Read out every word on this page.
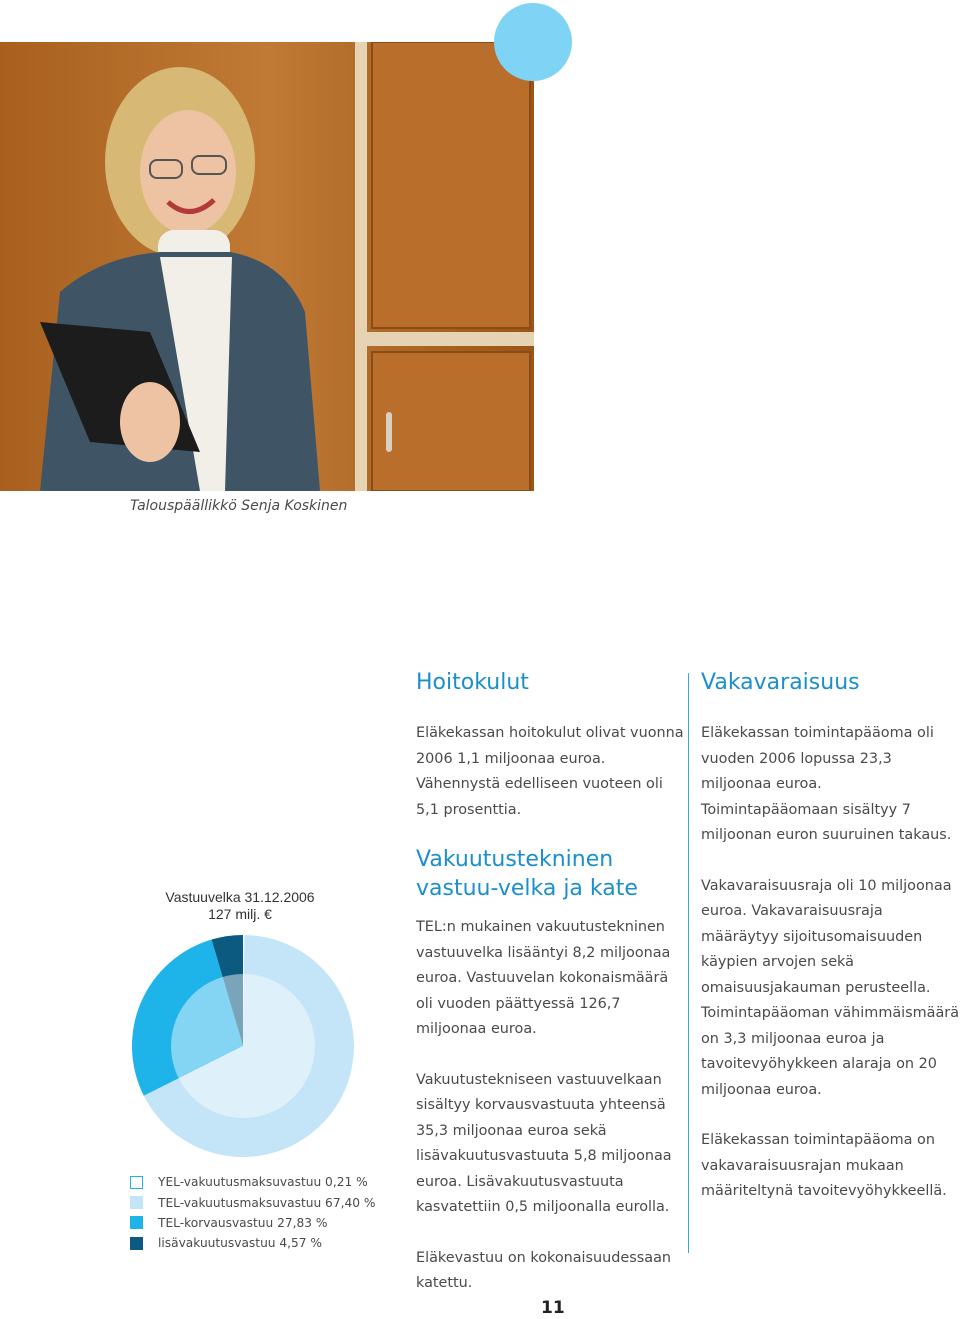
Talouspäällikkö Senja Koskinen
Vastuuvelka 31.12.2006
127 milj. €
YEL-vakuutusmaksuvastuu 0,21 %
TEL-vakuutusmaksuvastuu 67,40 %
TEL-korvausvastuu 27,83 %
lisävakuutusvastuu 4,57 %
Hoitokulut

Eläkekassan hoitokulut olivat vuonna 2006 1,1 miljoonaa euroa. Vähennystä edelliseen vuoteen oli 5,1 prosenttia.

Vakuutustekninen vastuu-velka ja kate

TEL:n mukainen vakuutustekninen vastuuvelka lisääntyi 8,2 miljoonaa euroa. Vastuuvelan kokonaismäärä oli vuoden päättyessä 126,7 miljoonaa euroa.

Vakuutustekniseen vastuuvelkaan sisältyy korvausvastuuta yhteensä 35,3 miljoonaa euroa sekä lisävakuutusvastuuta 5,8 miljoonaa euroa. Lisävakuutusvastuuta kasvatettiin 0,5 miljoonalla eurolla.

Eläkevastuu on kokonaisuudessaan katettu.

Vakavaraisuus

Eläkekassan toimintapääoma oli vuoden 2006 lopussa 23,3 miljoonaa euroa. Toimintapääomaan sisältyy 7 miljoonan euron suuruinen takaus.

Vakavaraisuusraja oli 10 miljoonaa euroa. Vakavaraisuusraja määräytyy sijoitusomaisuuden käypien arvojen sekä omaisuusjakauman perusteella. Toimintapääoman vähimmäismäärä on 3,3 miljoonaa euroa ja tavoitevyöhykkeen alaraja on 20 miljoonaa euroa.

Eläkekassan toimintapääoma on vakavaraisuusrajan mukaan määriteltynä tavoitevyöhykkeellä.

11
